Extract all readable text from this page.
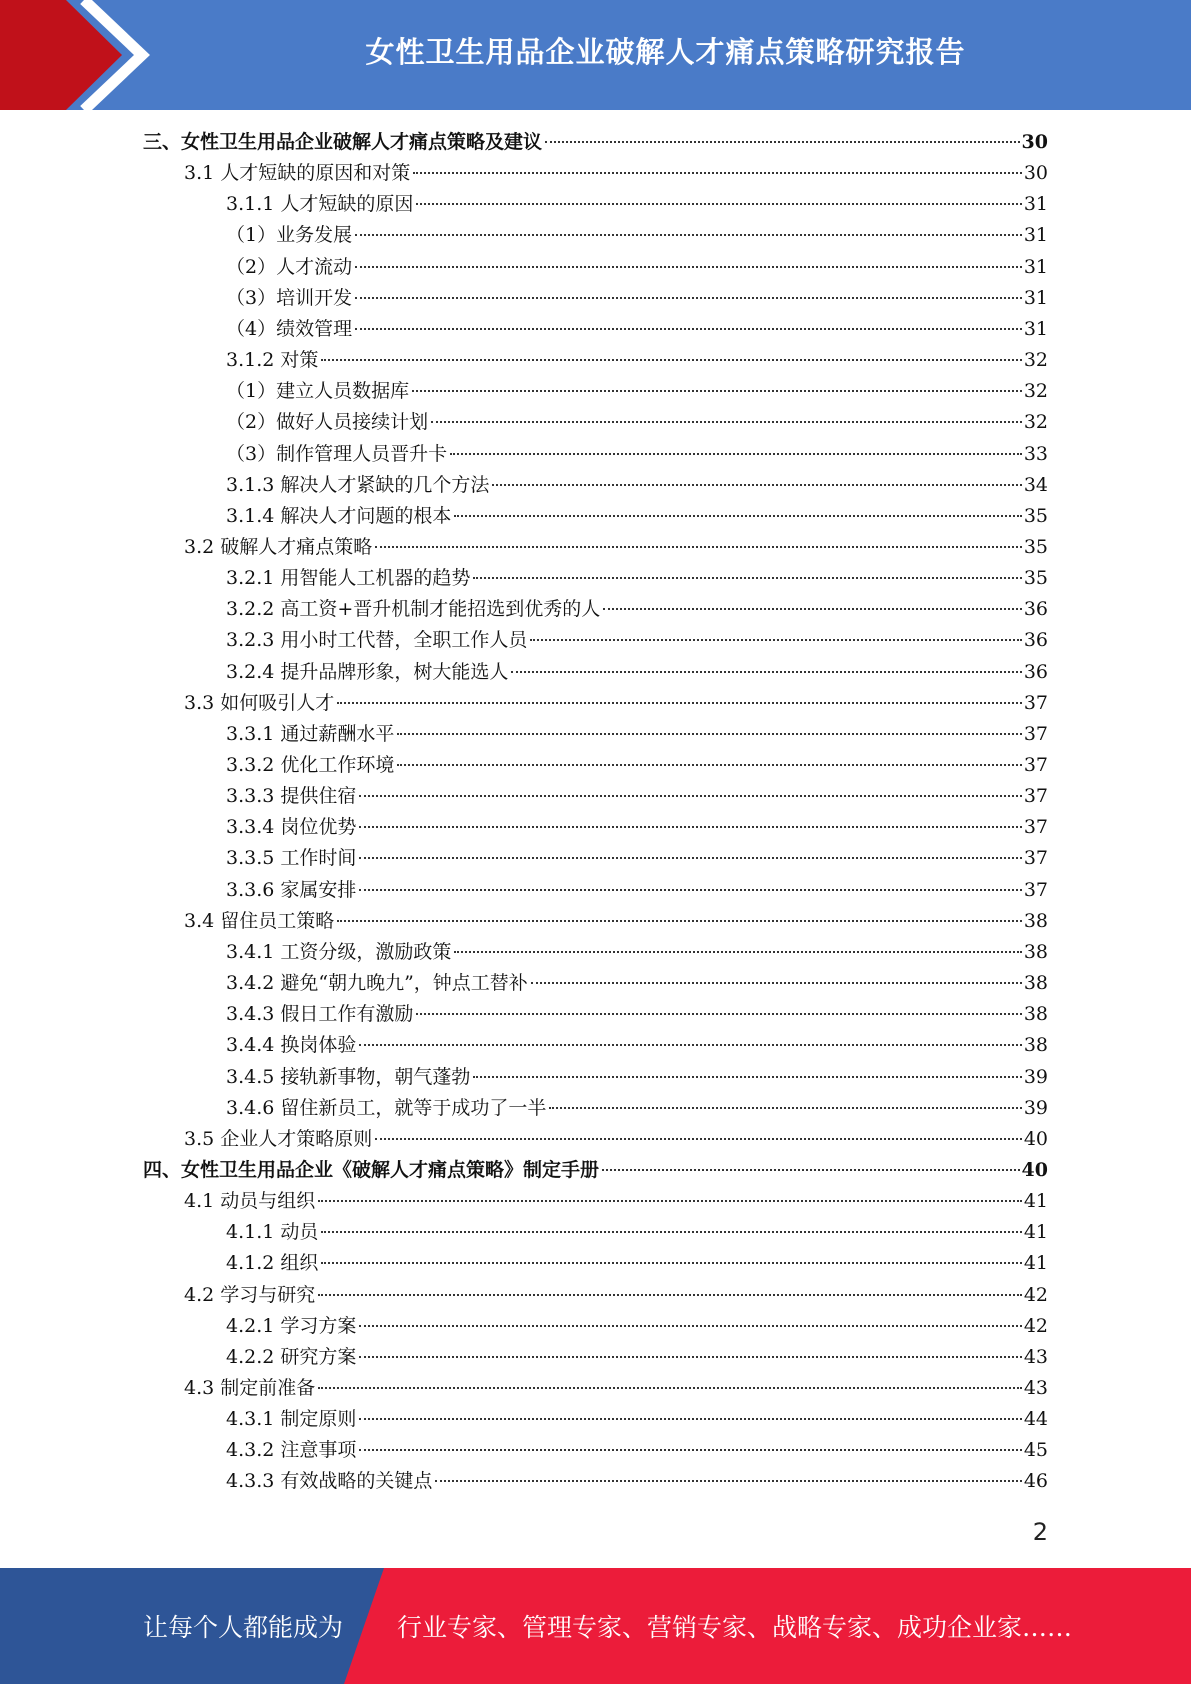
女性卫生用品企业破解人才痛点策略研究报告
三、女性卫生用品企业破解人才痛点策略及建议	30
3.1 人才短缺的原因和对策	30
3.1.1 人才短缺的原因	31
（1）业务发展	31
（2）人才流动	31
（3）培训开发	31
（4）绩效管理	31
3.1.2 对策	32
（1）建立人员数据库	32
（2）做好人员接续计划	32
（3）制作管理人员晋升卡	33
3.1.3 解决人才紧缺的几个方法	34
3.1.4 解决人才问题的根本	35
3.2 破解人才痛点策略	35
3.2.1 用智能人工机器的趋势	35
3.2.2 高工资+晋升机制才能招选到优秀的人	36
3.2.3 用小时工代替，全职工作人员	36
3.2.4 提升品牌形象，树大能选人	36
3.3 如何吸引人才	37
3.3.1 通过薪酬水平	37
3.3.2 优化工作环境	37
3.3.3 提供住宿	37
3.3.4 岗位优势	37
3.3.5 工作时间	37
3.3.6 家属安排	37
3.4 留住员工策略	38
3.4.1 工资分级，激励政策	38
3.4.2 避免“朝九晚九”，钟点工替补	38
3.4.3 假日工作有激励	38
3.4.4 换岗体验	38
3.4.5 接轨新事物，朝气蓬勃	39
3.4.6 留住新员工，就等于成功了一半	39
3.5 企业人才策略原则	40
四、女性卫生用品企业《破解人才痛点策略》制定手册	40
4.1 动员与组织	41
4.1.1 动员	41
4.1.2 组织	41
4.2 学习与研究	42
4.2.1 学习方案	42
4.2.2 研究方案	43
4.3 制定前准备	43
4.3.1 制定原则	44
4.3.2 注意事项	45
4.3.3 有效战略的关键点	46
2
让每个人都能成为 行业专家、管理专家、营销专家、战略专家、成功企业家……
